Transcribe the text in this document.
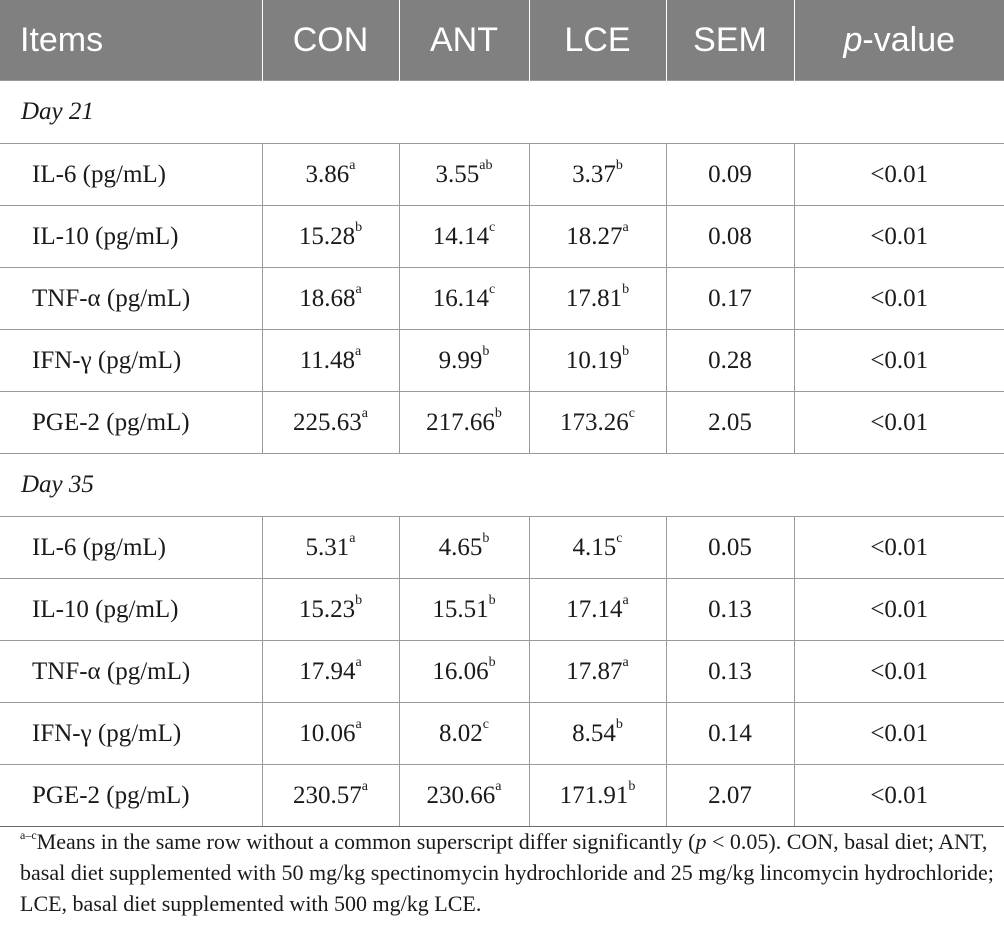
Items	CON	ANT	LCE	SEM	p-value
Day 21					
IL-6 (pg/mL)	3.86$^a$	3.55$^{ab}$	3.37$^b$	0.09	<0.01
IL-10 (pg/mL)	15.28$^b$	14.14$^c$	18.27$^a$	0.08	<0.01
TNF-α (pg/mL)	18.68$^a$	16.14$^c$	17.81$^b$	0.17	<0.01
IFN-γ (pg/mL)	11.48$^a$	9.99$^b$	10.19$^b$	0.28	<0.01
PGE-2 (pg/mL)	225.63$^a$	217.66$^b$	173.26$^c$	2.05	<0.01
Day 35					
IL-6 (pg/mL)	5.31$^a$	4.65$^b$	4.15$^c$	0.05	<0.01
IL-10 (pg/mL)	15.23$^b$	15.51$^b$	17.14$^a$	0.13	<0.01
TNF-α (pg/mL)	17.94$^a$	16.06$^b$	17.87$^a$	0.13	<0.01
IFN-γ (pg/mL)	10.06$^a$	8.02$^c$	8.54$^b$	0.14	<0.01
PGE-2 (pg/mL)	230.57$^a$	230.66$^a$	171.91$^b$	2.07	<0.01
$^{a-c}$Means in the same row without a common superscript differ significantly (p < 0.05). CON, basal diet; ANT, basal diet supplemented with 50 mg/kg spectinomycin hydrochloride and 25 mg/kg lincomycin hydrochloride; LCE, basal diet supplemented with 500 mg/kg LCE.
